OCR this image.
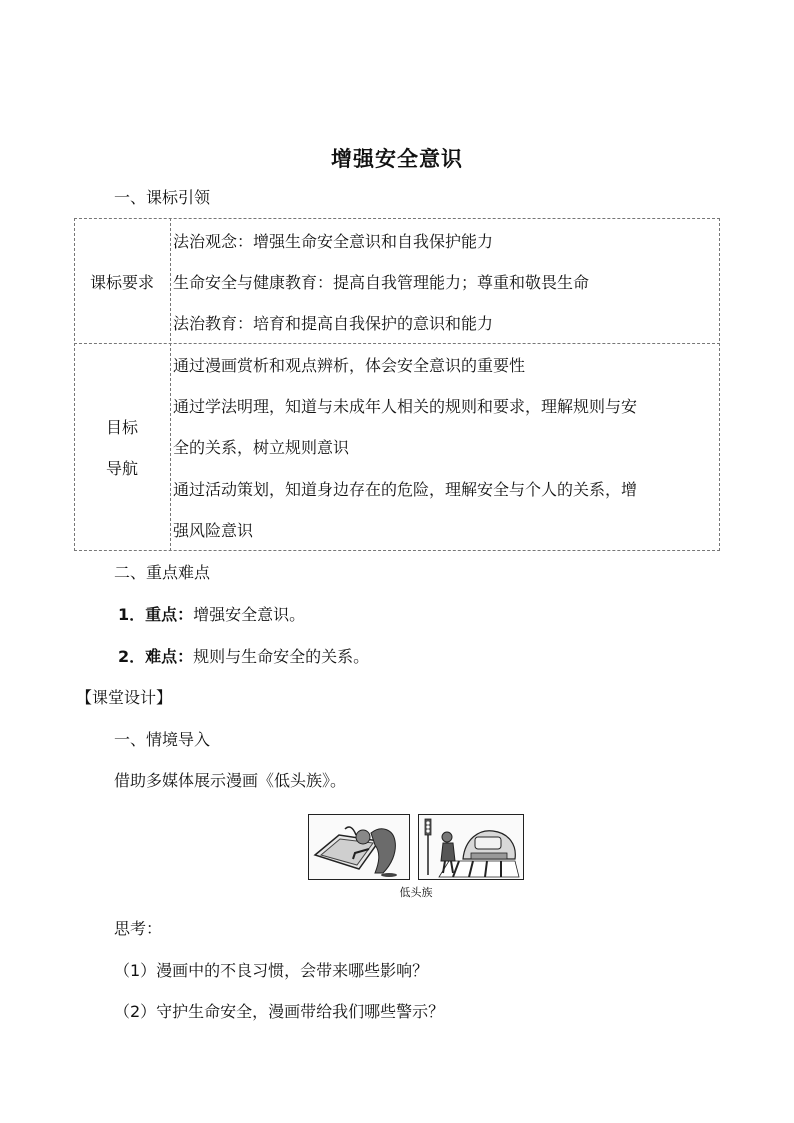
增强安全意识
一、课标引领
课标要求
法治观念：增强生命安全意识和自我保护能力
生命安全与健康教育：提高自我管理能力；尊重和敬畏生命
法治教育：培育和提高自我保护的意识和能力
目标
导航
通过漫画赏析和观点辨析，体会安全意识的重要性
通过学法明理，知道与未成年人相关的规则和要求，理解规则与安
全的关系，树立规则意识
通过活动策划，知道身边存在的危险，理解安全与个人的关系，增
强风险意识
二、重点难点
1．重点：增强安全意识。
2．难点：规则与生命安全的关系。
【课堂设计】
一、情境导入
借助多媒体展示漫画《低头族》。
低头族
思考：
（1）漫画中的不良习惯，会带来哪些影响？
（2）守护生命安全，漫画带给我们哪些警示？
